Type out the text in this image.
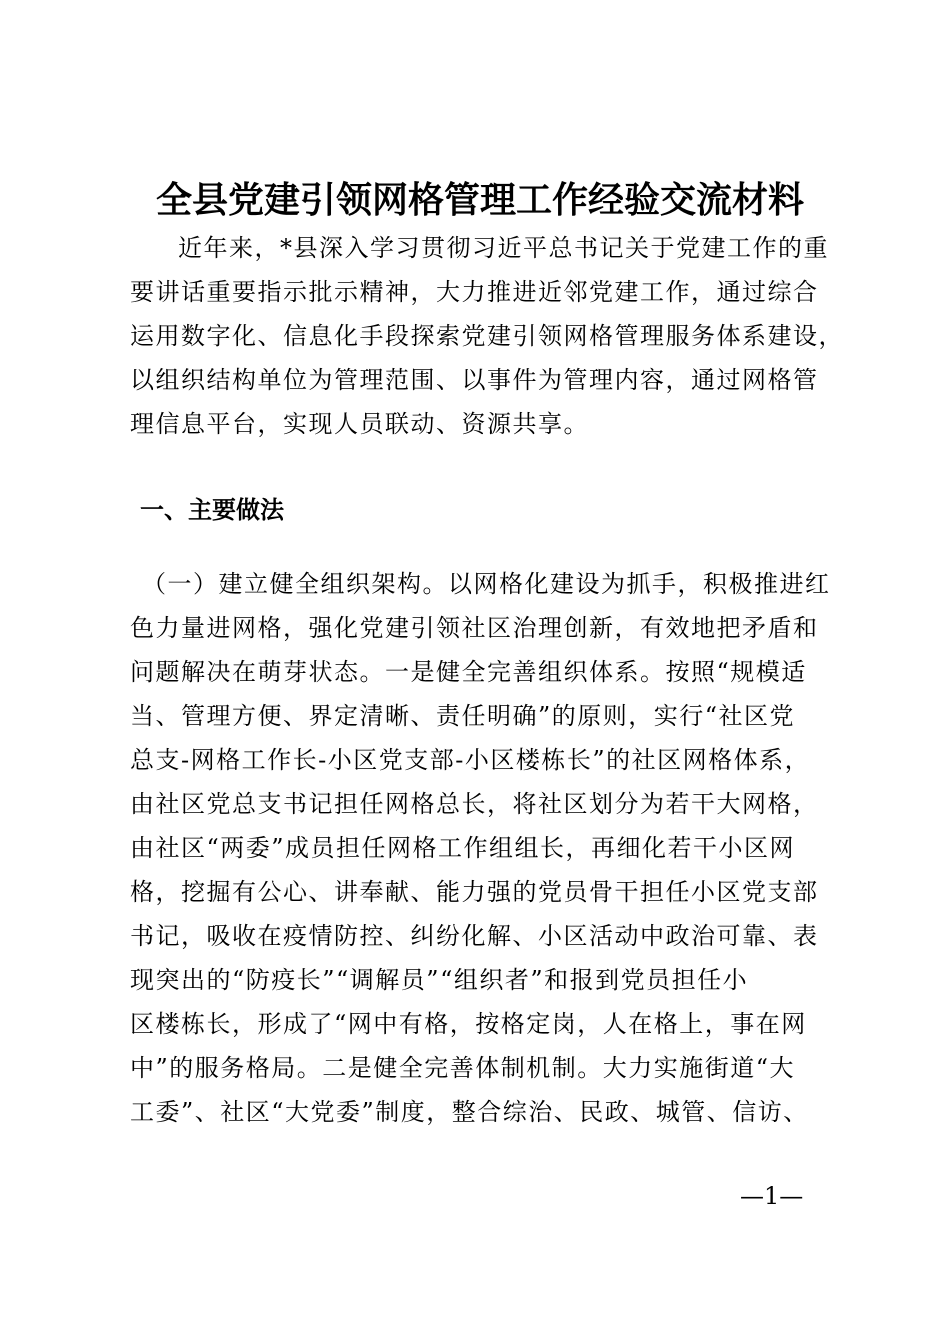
全县党建引领网格管理工作经验交流材料
近年来，*县深入学习贯彻习近平总书记关于党建工作的重
要讲话重要指示批示精神，大力推进近邻党建工作，通过综合
运用数字化、信息化手段探索党建引领网格管理服务体系建设，
以组织结构单位为管理范围、以事件为管理内容，通过网格管
理信息平台，实现人员联动、资源共享。
一、主要做法
（一）建立健全组织架构。以网格化建设为抓手，积极推进红
色力量进网格，强化党建引领社区治理创新，有效地把矛盾和
问题解决在萌芽状态。一是健全完善组织体系。按照“规模适
当、管理方便、界定清晰、责任明确”的原则，实行“社区党
总支-网格工作长-小区党支部-小区楼栋长”的社区网格体系，
由社区党总支书记担任网格总长，将社区划分为若干大网格，
由社区“两委”成员担任网格工作组组长，再细化若干小区网
格，挖掘有公心、讲奉献、能力强的党员骨干担任小区党支部
书记，吸收在疫情防控、纠纷化解、小区活动中政治可靠、表
现突出的“防疫长”“调解员”“组织者”和报到党员担任小
区楼栋长，形成了“网中有格，按格定岗，人在格上，事在网
中”的服务格局。二是健全完善体制机制。大力实施街道“大
工委”、社区“大党委”制度，整合综治、民政、城管、信访、
—1—
